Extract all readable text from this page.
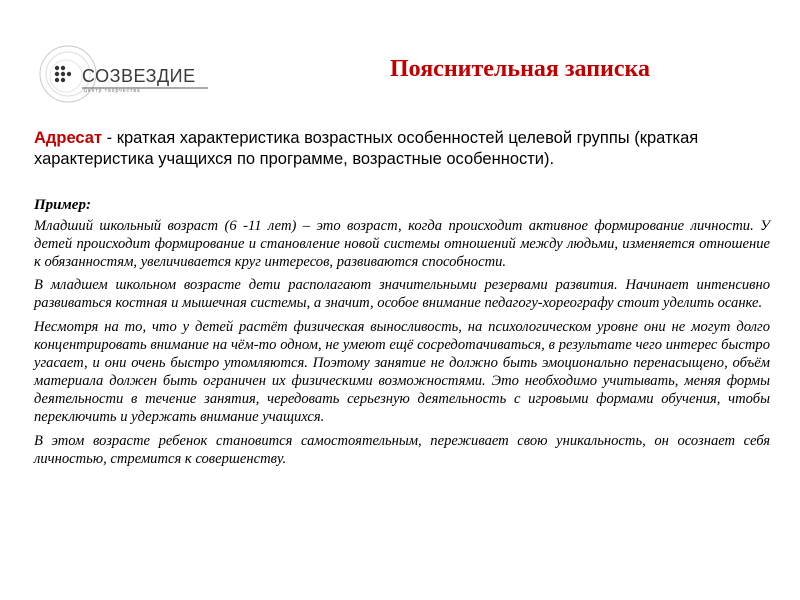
СОЗВЕЗДИЕ
центр творчества
Пояснительная записка
Адресат - краткая характеристика возрастных особенностей целевой группы (краткая характеристика учащихся по программе, возрастные особенности).
Пример:

Младший школьный возраст (6 -11 лет) – это возраст, когда происходит активное формирование личности. У детей происходит формирование и становление новой системы отношений между людьми, изменяется отношение к обязанностям, увеличивается круг интересов, развиваются способности.

В младшем школьном возрасте дети располагают значительными резервами развития. Начинает интенсивно развиваться костная и мышечная системы, а значит, особое внимание педагогу-хореографу стоит уделить осанке.

Несмотря на то, что у детей растёт физическая выносливость, на психологическом уровне они не могут долго концентрировать внимание на чём-то одном, не умеют ещё сосредотачиваться, в результате чего интерес быстро угасает, и они очень быстро утомляются. Поэтому занятие не должно быть эмоционально перенасыщено, объём материала должен быть ограничен их физическими возможностями. Это необходимо учитывать, меняя формы деятельности в течение занятия, чередовать серьезную деятельность с игровыми формами обучения, чтобы переключить и удержать внимание учащихся.

В этом возрасте ребенок становится самостоятельным, переживает свою уникальность, он осознает себя личностью, стремится к совершенству.
